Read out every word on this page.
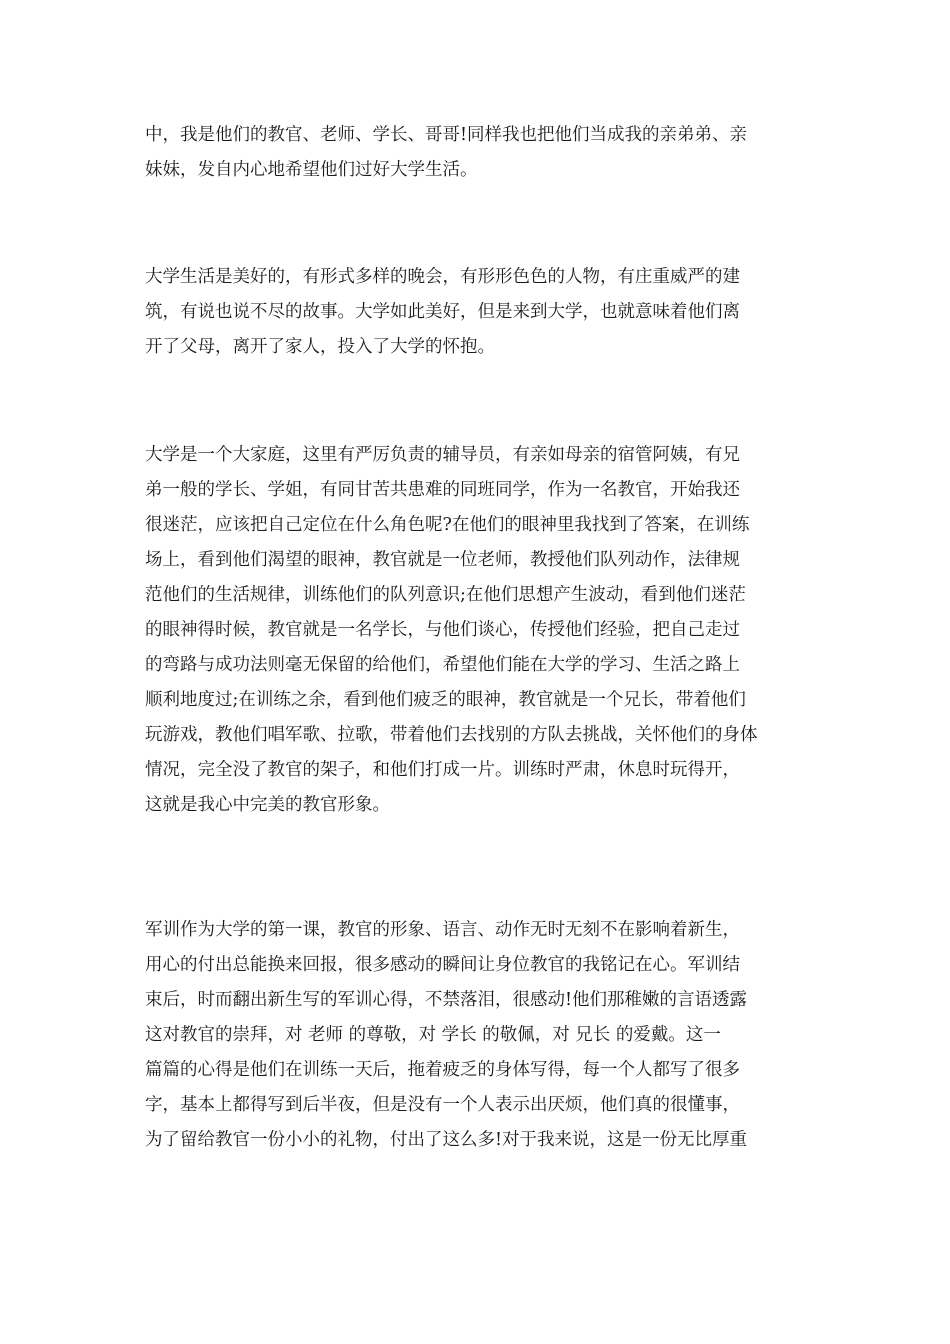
中，我是他们的教官、老师、学长、哥哥!同样我也把他们当成我的亲弟弟、亲
妹妹，发自内心地希望他们过好大学生活。
大学生活是美好的，有形式多样的晚会，有形形色色的人物，有庄重威严的建
筑，有说也说不尽的故事。大学如此美好，但是来到大学，也就意味着他们离
开了父母，离开了家人，投入了大学的怀抱。
大学是一个大家庭，这里有严厉负责的辅导员，有亲如母亲的宿管阿姨，有兄
弟一般的学长、学姐，有同甘苦共患难的同班同学，作为一名教官，开始我还
很迷茫，应该把自己定位在什么角色呢?在他们的眼神里我找到了答案，在训练
场上，看到他们渴望的眼神，教官就是一位老师，教授他们队列动作，法律规
范他们的生活规律，训练他们的队列意识;在他们思想产生波动，看到他们迷茫
的眼神得时候，教官就是一名学长，与他们谈心，传授他们经验，把自己走过
的弯路与成功法则毫无保留的给他们，希望他们能在大学的学习、生活之路上
顺利地度过;在训练之余，看到他们疲乏的眼神，教官就是一个兄长，带着他们
玩游戏，教他们唱军歌、拉歌，带着他们去找别的方队去挑战，关怀他们的身体
情况，完全没了教官的架子，和他们打成一片。训练时严肃，休息时玩得开，
这就是我心中完美的教官形象。
军训作为大学的第一课，教官的形象、语言、动作无时无刻不在影响着新生，
用心的付出总能换来回报，很多感动的瞬间让身位教官的我铭记在心。军训结
束后，时而翻出新生写的军训心得，不禁落泪，很感动!他们那稚嫩的言语透露
这对教官的崇拜，对 老师 的尊敬，对 学长 的敬佩，对 兄长 的爱戴。这一
篇篇的心得是他们在训练一天后，拖着疲乏的身体写得，每一个人都写了很多
字，基本上都得写到后半夜，但是没有一个人表示出厌烦，他们真的很懂事，
为了留给教官一份小小的礼物，付出了这么多!对于我来说，这是一份无比厚重
